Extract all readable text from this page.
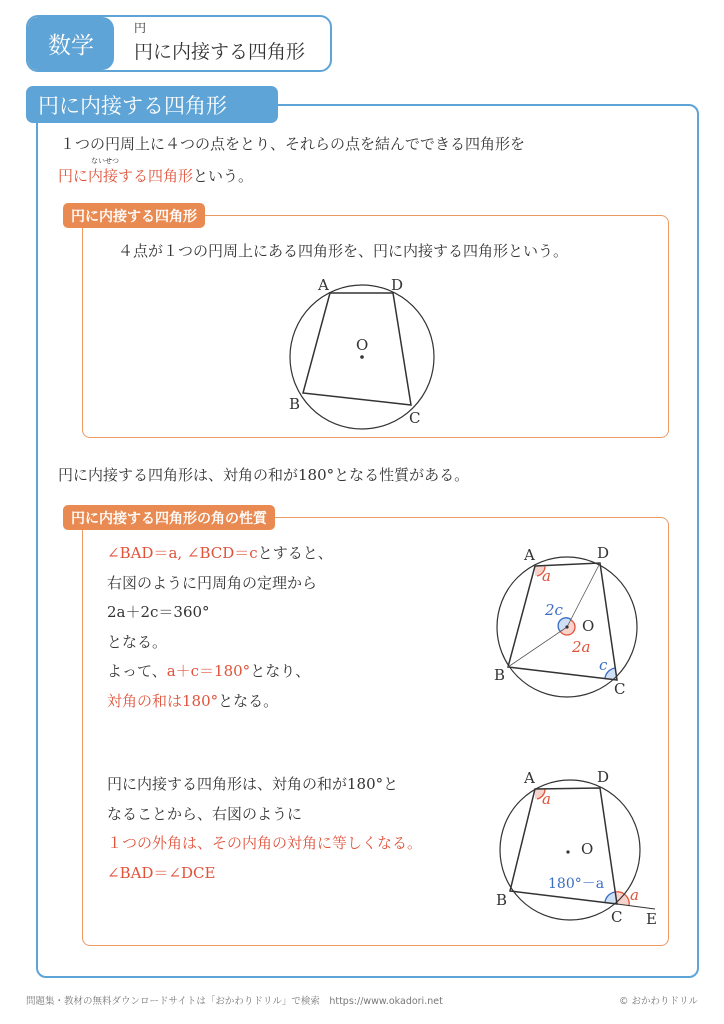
数学
円
円に内接する四角形
円に内接する四角形
１つの円周上に４つの点をとり、それらの点を結んでできる四角形を
ないせつ
円に内接する四角形という。
円に内接する四角形
４点が１つの円周上にある四角形を、円に内接する四角形という。
円に内接する四角形は、対角の和が180°となる性質がある。
円に内接する四角形の角の性質
∠BAD＝a, ∠BCD＝cとすると、
右図のように円周角の定理から
2a＋2c＝360°
となる。
よって、a＋c＝180°となり、
対角の和は180°となる。
円に内接する四角形は、対角の和が180°と
なることから、右図のように
１つの外角は、その内角の対角に等しくなる。
∠BAD＝∠DCE
A	D
B
C
O
A	D
B
C
O
a
2c
2a
c
A	D
B
C E
O
a
a
180°－a
問題集・教材の無料ダウンロードサイトは「おかわりドリル」で検索　https://www.okadori.net	© おかわりドリル
